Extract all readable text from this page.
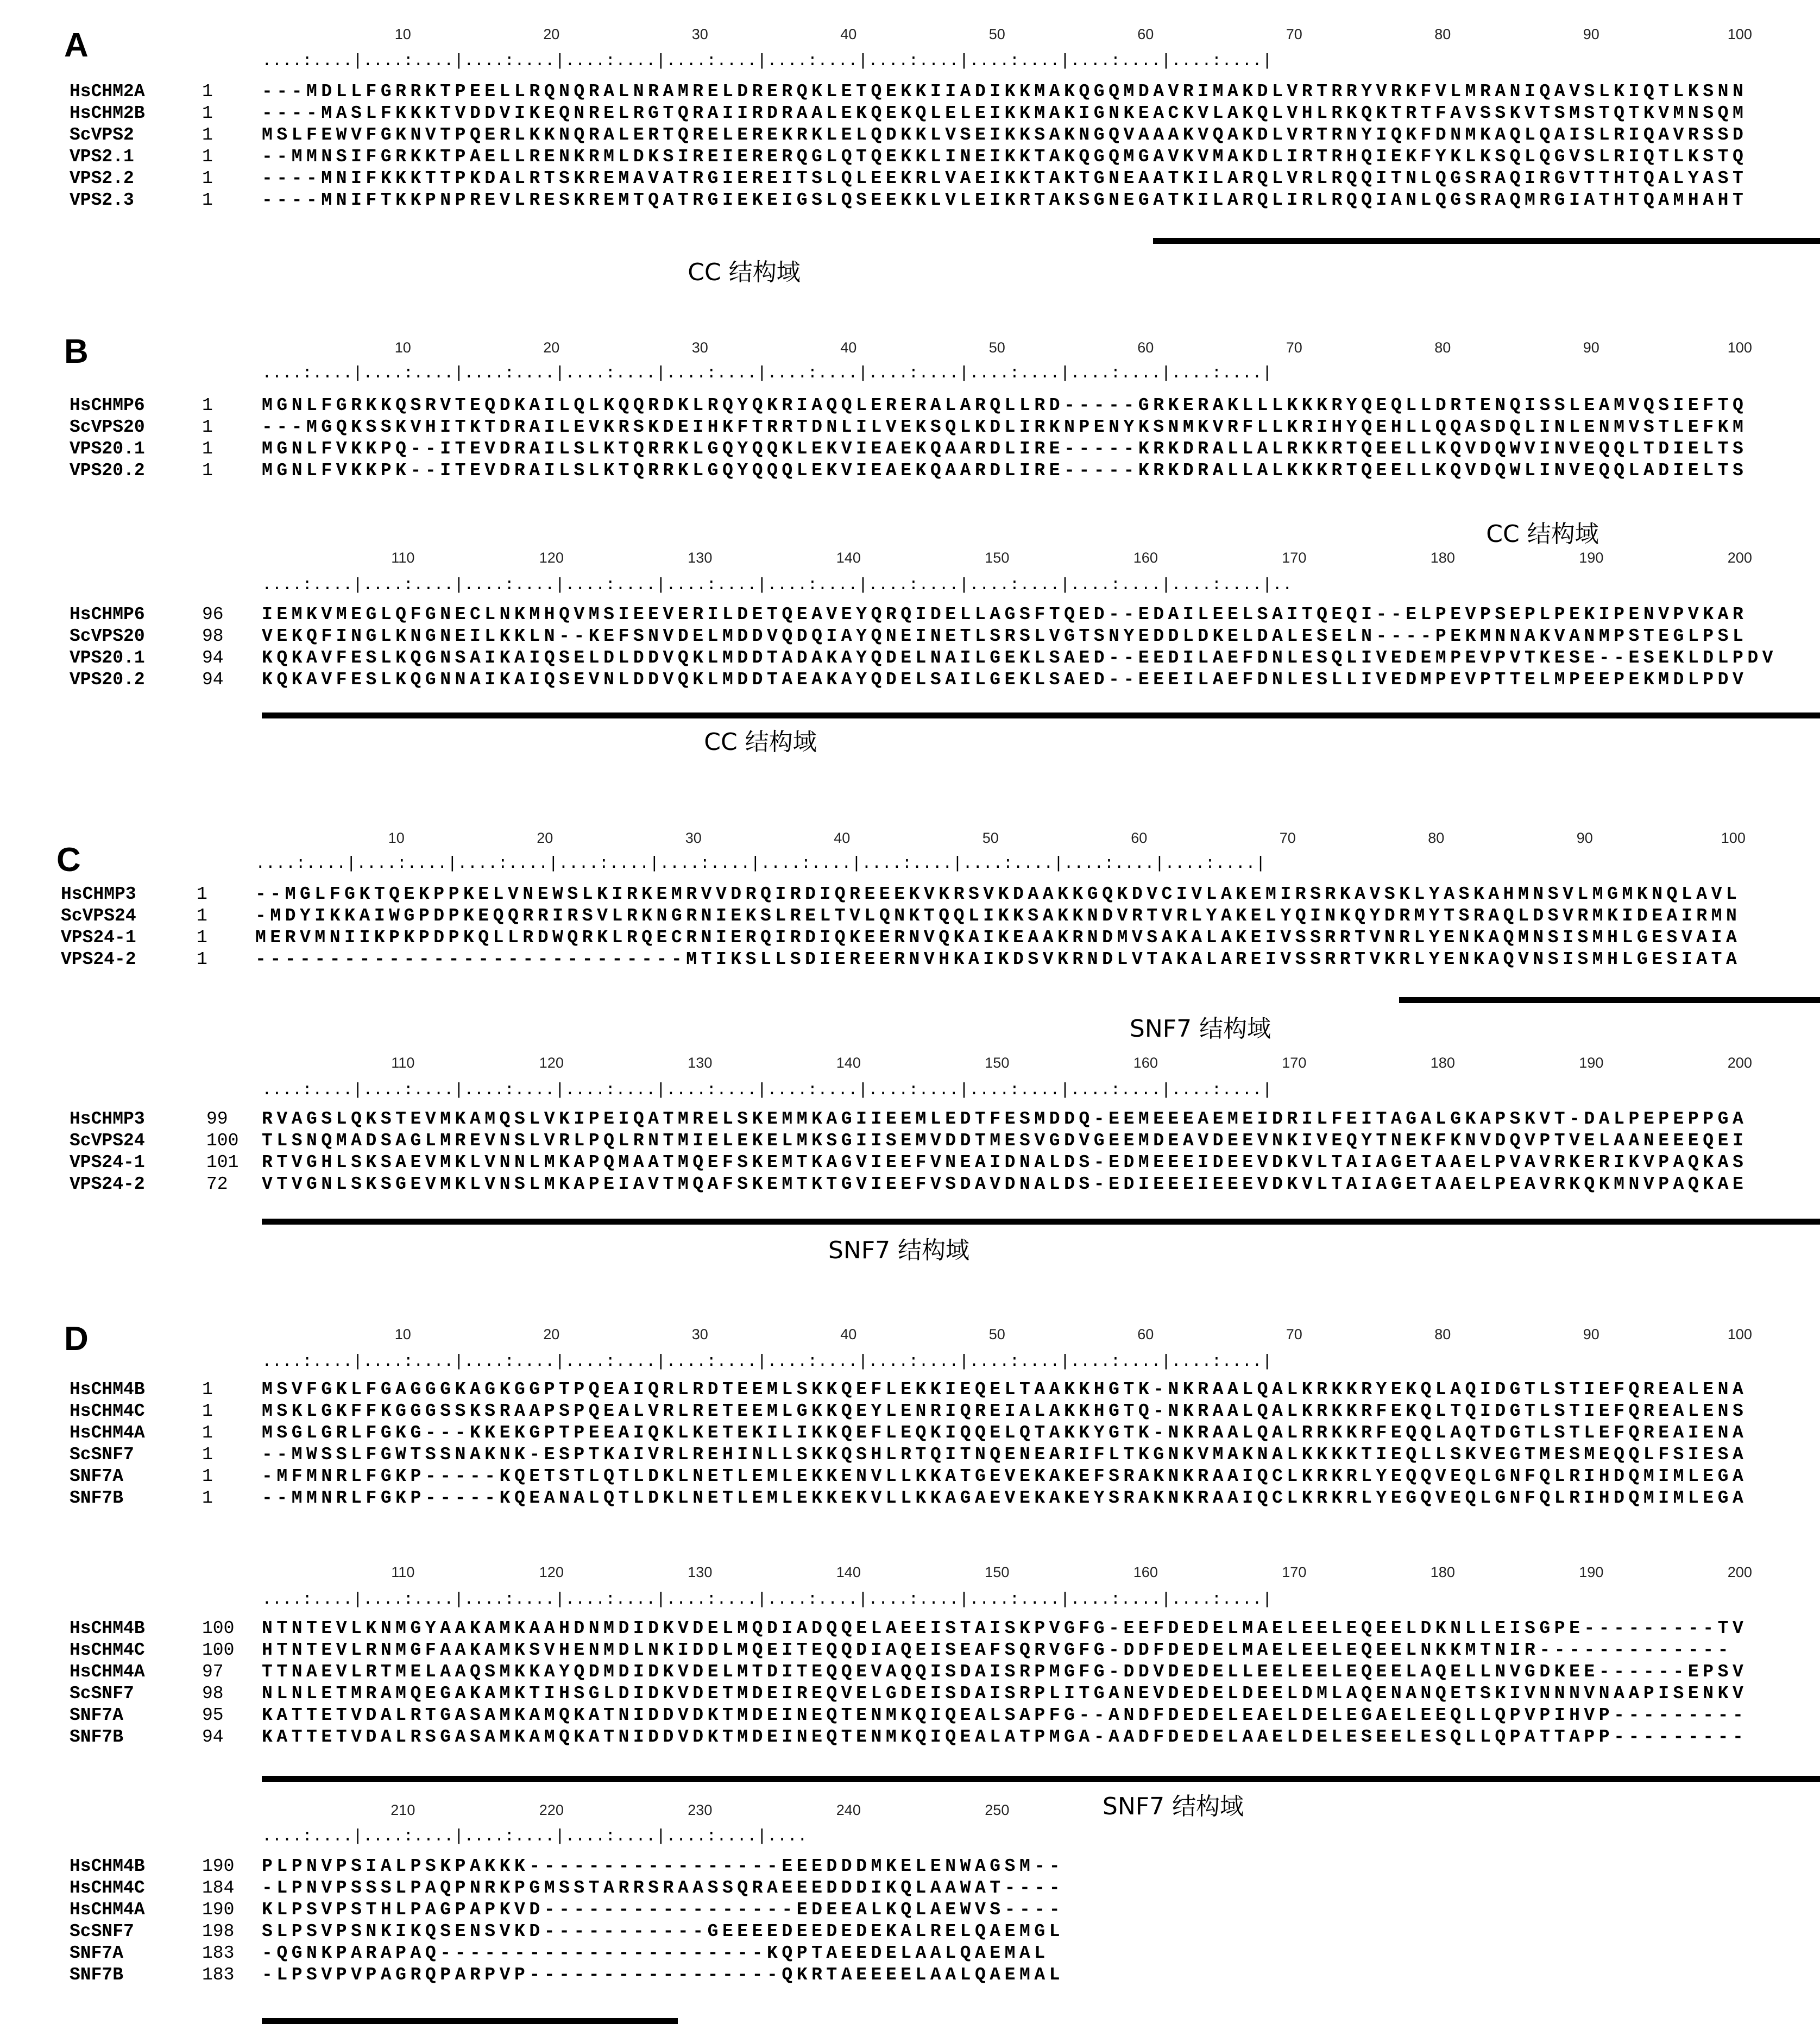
A
B
C
D
10	20	30	40	50	60	70	80	90	100
....:....|....:....|....:....|....:....|....:....|....:....|....:....|....:....|....:....|....:....|
HsCHM2A	1	---MDLLFGRRKTPEELLRQNQRALNRAMRELDRERQKLETQEKKIIADIKKMAKQGQMDAVRIMAKDLVRTRRYVRKFVLMRANIQAVSLKIQTLKSNN
HsCHM2B	1	----MASLFKKKTVDDVIKEQNRELRGTQRAIIRDRAALEKQEKQLELEIKKMAKIGNKEACKVLAKQLVHLRKQKTRTFAVSSKVTSMSTQTKVMNSQM
ScVPS2	1	MSLFEWVFGKNVTPQERLKKNQRALERTQRELEREKRKLELQDKKLVSEIKKSAKNGQVAAAKVQAKDLVRTRNYIQKFDNMKAQLQAISLRIQAVRSSD
VPS2.1	1	--MMNSIFGRKKTPAELLRENKRMLDKSIREIERERQGLQTQEKKLINEIKKTAKQGQMGAVKVMAKDLIRTRHQIEKFYKLKSQLQGVSLRIQTLKSTQ
VPS2.2	1	----MNIFKKKTTPKDALRTSKREMAVATRGIEREITSLQLEEKRLVAEIKKTAKTGNEAATKILARQLVRLRQQITNLQGSRAQIRGVTTHTQALYAST
VPS2.3	1	----MNIFTKKPNPREVLRESKREMTQATRGIEKEIGSLQSEEKKLVLEIKRTAKSGNEGATKILARQLIRLRQQIANLQGSRAQMRGIATHTQAMHAHT
CC 结构域
10	20	30	40	50	60	70	80	90	100
....:....|....:....|....:....|....:....|....:....|....:....|....:....|....:....|....:....|....:....|
HsCHMP6	1	MGNLFGRKKQSRVTEQDKAILQLKQQRDKLRQYQKRIAQQLERERALARQLLRD-----GRKERAKLLLKKKRYQEQLLDRTENQISSLEAMVQSIEFTQ
ScVPS20	1	---MGQKSSKVHITKTDRAILEVKRSKDEIHKFTRRTDNLILVEKSQLKDLIRKNPENYKSNMKVRFLLKRIHYQEHLLQQASDQLINLENMVSTLEFKM
VPS20.1	1	MGNLFVKKPQ--ITEVDRAILSLKTQRRKLGQYQQKLEKVIEAEKQAARDLIRE-----KRKDRALLALRKKRTQEELLKQVDQWVINVEQQLTDIELTS
VPS20.2	1	MGNLFVKKPK--ITEVDRAILSLKTQRRKLGQYQQQLEKVIEAEKQAARDLIRE-----KRKDRALLALKKKRTQEELLKQVDQWLINVEQQLADIELTS
CC 结构域
110	120	130	140	150	160	170	180	190	200
....:....|....:....|....:....|....:....|....:....|....:....|....:....|....:....|....:....|....:....|..
HsCHMP6	96 IEMKVMEGLQFGNECLNKMHQVMSIEEVERILDETQEAVEYQRQIDELLAGSFTQED--EDAILEELSAITQEQI--ELPEVPSEPLPEKIPENVPVKAR
ScVPS20	98 VEKQFINGLKNGNEILKKLN--KEFSNVDELMDDVQDQIAYQNEINETLSRSLVGTSNYEDDLDKELDALESELN----PEKMNNAKVANMPSTEGLPSL
VPS20.1	94 KQKAVFESLKQGNSAIKAIQSELDLDDVQKLMDDTADAKAYQDELNAILGEKLSAED--EEDILAEFDNLESQLIVEDEMPEVPVTKESE--ESEKLDLPDV
VPS20.2	94 KQKAVFESLKQGNNAIKAIQSEVNLDDVQKLMDDTAEAKAYQDELSAILGEKLSAED--EEEILAEFDNLESLLIVEDMPEVPTTELMPEEPEKMDLPDV
CC 结构域
10	20	30	40	50	60	70	80	90	100
....:....|....:....|....:....|....:....|....:....|....:....|....:....|....:....|....:....|....:....|
HsCHMP3	1	--MGLFGKTQEKPPKELVNEWSLKIRKEMRVVDRQIRDIQREEEKVKRSVKDAAKKGQKDVCIVLAKEMIRSRKAVSKLYASKAHMNSVLMGMKNQLAVL
ScVPS24	1	-MDYIKKAIWGPDPKEQQRRIRSVLRKNGRNIEKSLRELTVLQNKTQQLIKKSAKKNDVRTVRLYAKELYQINKQYDRMYTSRAQLDSVRMKIDEAIRMN
VPS24-1	1	MERVMNIIKPKPDPKQLLRDWQRKLRQECRNIERQIRDIQKEERNVQKAIKEAAKRNDMVSAKALAKEIVSSRRTVNRLYENKAQMNSISMHLGESVAIA
VPS24-2	1	-----------------------------MTIKSLLSDIEREERNVHKAIKDSVKRNDLVTAKALAREIVSSRRTVKRLYENKAQVNSISMHLGESIATA
SNF7 结构域
110	120	130	140	150	160	170	180	190	200
....:....|....:....|....:....|....:....|....:....|....:....|....:....|....:....|....:....|....:....|
HsCHMP3	99 RVAGSLQKSTEVMKAMQSLVKIPEIQATMRELSKEMMKAGIIEEMLEDTFESMDDQ-EEMEEEAEMEIDRILFEITAGALGKAPSKVT-DALPEPEPPGA
ScVPS24	100 TLSNQMADSAGLMREVNSLVRLPQLRNTMIELEKELMKSGIISEMVDDTMESVGDVGEEMDEAVDEEVNKIVEQYTNEKFKNVDQVPTVELAANEEEQEI
VPS24-1	101 RTVGHLSKSAEVMKLVNNLMKAPQMAATMQEFSKEMTKAGVIEEFVNEAIDNALDS-EDMEEEIDEEVDKVLTAIAGETAAELPVAVRKERIKVPAQKAS
VPS24-2	72 VTVGNLSKSGEVMKLVNSLMKAPEIAVTMQAFSKEMTKTGVIEEFVSDAVDNALDS-EDIEEEIEEEVDKVLTAIAGETAAELPEAVRKQKMNVPAQKAE
SNF7 结构域
10	20	30	40	50	60	70	80	90	100
....:....|....:....|....:....|....:....|....:....|....:....|....:....|....:....|....:....|....:....|
HsCHM4B	1	MSVFGKLFGAGGGKAGKGGPTPQEAIQRLRDTEEMLSKKQEFLEKKIEQELTAAKKHGTK-NKRAALQALKRKKRYEKQLAQIDGTLSTIEFQREALENA
HsCHM4C	1	MSKLGKFFKGGGSSKSRAAPSPQEALVRLRETEEMLGKKQEYLENRIQREIALAKKHGTQ-NKRAALQALKRKKRFEKQLTQIDGTLSTIEFQREALENS
HsCHM4A	1	MSGLGRLFGKG---KKEKGPTPEEAIQKLKETEKILIKKQEFLEQKIQQELQTAKKYGTK-NKRAALQALRRKKRFEQQLAQTDGTLSTLEFQREAIENA
ScSNF7	1	--MWSSLFGWTSSNAKNK-ESPTKAIVRLREHINLLSKKQSHLRTQITNQENEARIFLTKGNKVMAKNALKKKKTIEQLLSKVEGTMESMEQQLFSIESA
SNF7A	1	-MFMNRLFGKP-----KQETSTLQTLDKLNETLEMLEKKENVLLKKATGEVEKAKEFSRAKNKRAAIQCLKRKRLYEQQVEQLGNFQLRIHDQMIMLEGA
SNF7B	1	--MMNRLFGKP-----KQEANALQTLDKLNETLEMLEKKEKVLLKKAGAEVEKAKEYSRAKNKRAAIQCLKRKRLYEGQVEQLGNFQLRIHDQMIMLEGA
110	120	130	140	150	160	170	180	190	200
....:....|....:....|....:....|....:....|....:....|....:....|....:....|....:....|....:....|....:....|
HsCHM4B	100 NTNTEVLKNMGYAAKAMKAAHDNMDIDKVDELMQDIADQQELAEEISTAISKPVGFG-EEFDEDELMAELEELEQEELDKNLLEISGPE---------TV
HsCHM4C	100 HTNTEVLRNMGFAAKAMKSVHENMDLNKIDDLMQEITEQQDIAQEISEAFSQRVGFG-DDFDEDELMAELEELEQEELNKKMTNIR-------------
HsCHM4A	97 TTNAEVLRTMELAAQSMKKAYQDMDIDKVDELMTDITEQQEVAQQISDAISRPMGFG-DDVDEDELLEELEELEQEELAQELLNVGDKEE------EPSV
ScSNF7	98 NLNLETMRAMQEGAKAMKTIHSGLDIDKVDETMDEIREQVELGDEISDAISRPLITGANEVDEDELDEELDMLAQENANQETSKIVNNNVNAAPISENKV
SNF7A	95 KATTETVDALRTGASAMKAMQKATNIDDVDKTMDEINEQTENMKQIQEALSAPFG--ANDFDEDELEAELDELEGAELEEQLLQPVPIHVP---------
SNF7B	94 KATTETVDALRSGASAMKAMQKATNIDDVDKTMDEINEQTENMKQIQEALATPMGA-AADFDEDELAAELDELESEELESQLLQPATTAPP---------
SNF7 结构域
210	220	230	240	250
....:....|....:....|....:....|....:....|....:....|....
HsCHM4B	190 PLPNVPSIALPSKPAKKK-----------------EEEDDDMKELENWAGSM--
HsCHM4C	184 -LPNVPSSSLPAQPNRKPGMSSTARRSRAASSQRAEEEDDDIKQLAAWAT----
HsCHM4A	190 KLPSVPSTHLPAGPAPKVD-----------------EDEEALKQLAEWVS----
ScSNF7	198 SLPSVPSNKIKQSENSVKD-----------GEEEEDEEDEDEKALRELQAEMGL
SNF7A	183 -QGNKPARAPAQ----------------------KQPTAEEDELAALQAEMAL
SNF7B	183 -LPSVPVPAGRQPARPVP-----------------QKRTAEEEELAALQAEMAL
